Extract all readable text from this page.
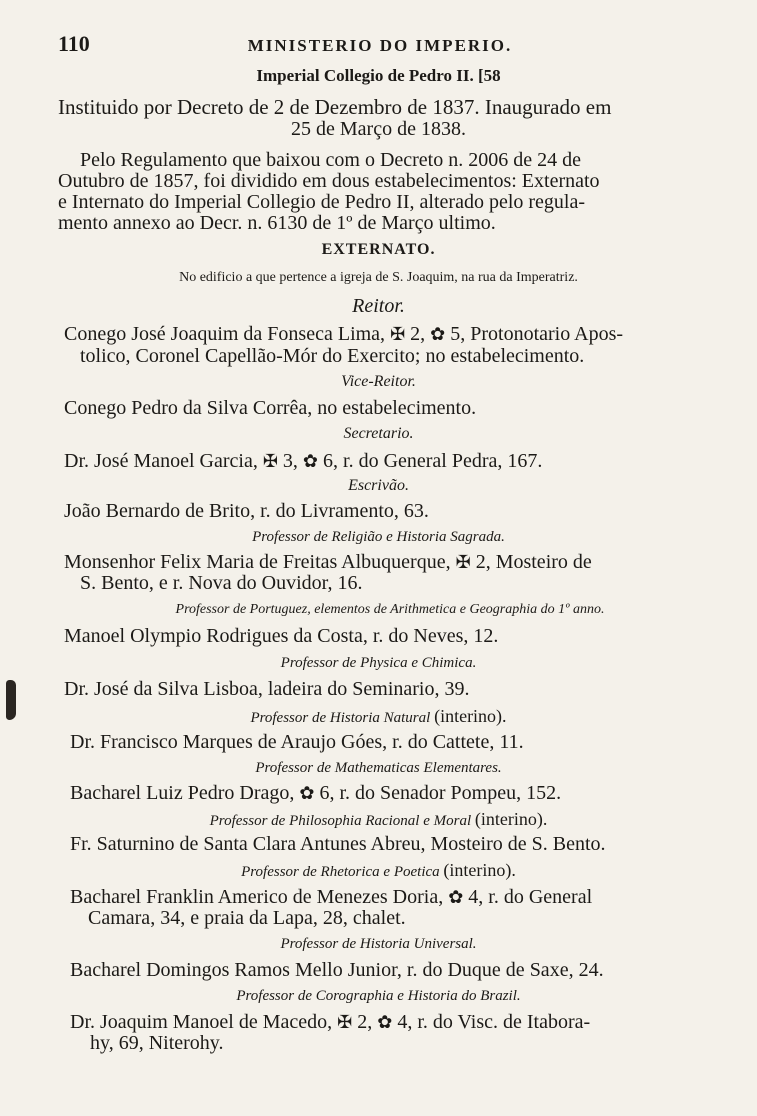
110	MINISTERIO DO IMPERIO.
Imperial Collegio de Pedro II. [58
Instituido por Decreto de 2 de Dezembro de 1837. Inaugurado em
25 de Março de 1838.
Pelo Regulamento que baixou com o Decreto n. 2006 de 24 de
Outubro de 1857, foi dividido em dous estabelecimentos: Externato
e Internato do Imperial Collegio de Pedro II, alterado pelo regula-
mento annexo ao Decr. n. 6130 de 1º de Março ultimo.
EXTERNATO.
No edificio a que pertence a igreja de S. Joaquim, na rua da Imperatriz.
Reitor.
Conego José Joaquim da Fonseca Lima, ✠ 2, ✿ 5, Protonotario Apos-
tolico, Coronel Capellão-Mór do Exercito; no estabelecimento.
Vice-Reitor.
Conego Pedro da Silva Corrêa, no estabelecimento.
Secretario.
Dr. José Manoel Garcia, ✠ 3, ✿ 6, r. do General Pedra, 167.
Escrivão.
João Bernardo de Brito, r. do Livramento, 63.
Professor de Religião e Historia Sagrada.
Monsenhor Felix Maria de Freitas Albuquerque, ✠ 2, Mosteiro de
S. Bento, e r. Nova do Ouvidor, 16.
Professor de Portuguez, elementos de Arithmetica e Geographia do 1º anno.
Manoel Olympio Rodrigues da Costa, r. do Neves, 12.
Professor de Physica e Chimica.
Dr. José da Silva Lisboa, ladeira do Seminario, 39.
Professor de Historia Natural (interino).
Dr. Francisco Marques de Araujo Góes, r. do Cattete, 11.
Professor de Mathematicas Elementares.
Bacharel Luiz Pedro Drago, ✿ 6, r. do Senador Pompeu, 152.
Professor de Philosophia Racional e Moral (interino).
Fr. Saturnino de Santa Clara Antunes Abreu, Mosteiro de S. Bento.
Professor de Rhetorica e Poetica (interino).
Bacharel Franklin Americo de Menezes Doria, ✿ 4, r. do General
Camara, 34, e praia da Lapa, 28, chalet.
Professor de Historia Universal.
Bacharel Domingos Ramos Mello Junior, r. do Duque de Saxe, 24.
Professor de Corographia e Historia do Brazil.
Dr. Joaquim Manoel de Macedo, ✠ 2, ✿ 4, r. do Visc. de Itabora-
hy, 69, Niterohy.
